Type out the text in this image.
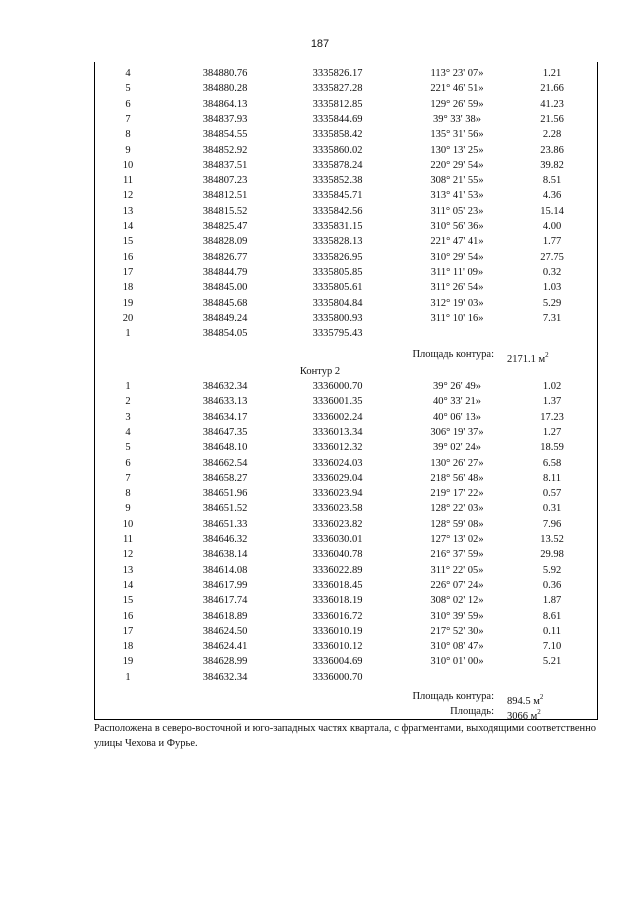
187
4	384880.76	3335826.17	113° 23' 07»	1.21
5	384880.28	3335827.28	221° 46' 51»	21.66
6	384864.13	3335812.85	129° 26' 59»	41.23
7	384837.93	3335844.69	39° 33' 38»	21.56
8	384854.55	3335858.42	135° 31' 56»	2.28
9	384852.92	3335860.02	130° 13' 25»	23.86
10	384837.51	3335878.24	220° 29' 54»	39.82
11	384807.23	3335852.38	308° 21' 55»	8.51
12	384812.51	3335845.71	313° 41' 53»	4.36
13	384815.52	3335842.56	311° 05' 23»	15.14
14	384825.47	3335831.15	310° 56' 36»	4.00
15	384828.09	3335828.13	221° 47' 41»	1.77
16	384826.77	3335826.95	310° 29' 54»	27.75
17	384844.79	3335805.85	311° 11' 09»	0.32
18	384845.00	3335805.61	311° 26' 54»	1.03
19	384845.68	3335804.84	312° 19' 03»	5.29
20	384849.24	3335800.93	311° 10' 16»	7.31
1	384854.05	3335795.43
Площадь контура: 2171.1 $м^2$
Контур 2
1	384632.34	3336000.70	39° 26' 49»	1.02
2	384633.13	3336001.35	40° 33' 21»	1.37
3	384634.17	3336002.24	40° 06' 13»	17.23
4	384647.35	3336013.34	306° 19' 37»	1.27
5	384648.10	3336012.32	39° 02' 24»	18.59
6	384662.54	3336024.03	130° 26' 27»	6.58
7	384658.27	3336029.04	218° 56' 48»	8.11
8	384651.96	3336023.94	219° 17' 22»	0.57
9	384651.52	3336023.58	128° 22' 03»	0.31
10	384651.33	3336023.82	128° 59' 08»	7.96
11	384646.32	3336030.01	127° 13' 02»	13.52
12	384638.14	3336040.78	216° 37' 59»	29.98
13	384614.08	3336022.89	311° 22' 05»	5.92
14	384617.99	3336018.45	226° 07' 24»	0.36
15	384617.74	3336018.19	308° 02' 12»	1.87
16	384618.89	3336016.72	310° 39' 59»	8.61
17	384624.50	3336010.19	217° 52' 30»	0.11
18	384624.41	3336010.12	310° 08' 47»	7.10
19	384628.99	3336004.69	310° 01' 00»	5.21
1	384632.34	3336000.70
Площадь контура: 894.5 $м^2$
Площадь: 3066 $м^2$
Расположена в северо-восточной и юго-западных частях квартала, с фрагментами, выходящими соответственно улицы Чехова и Фурье.
